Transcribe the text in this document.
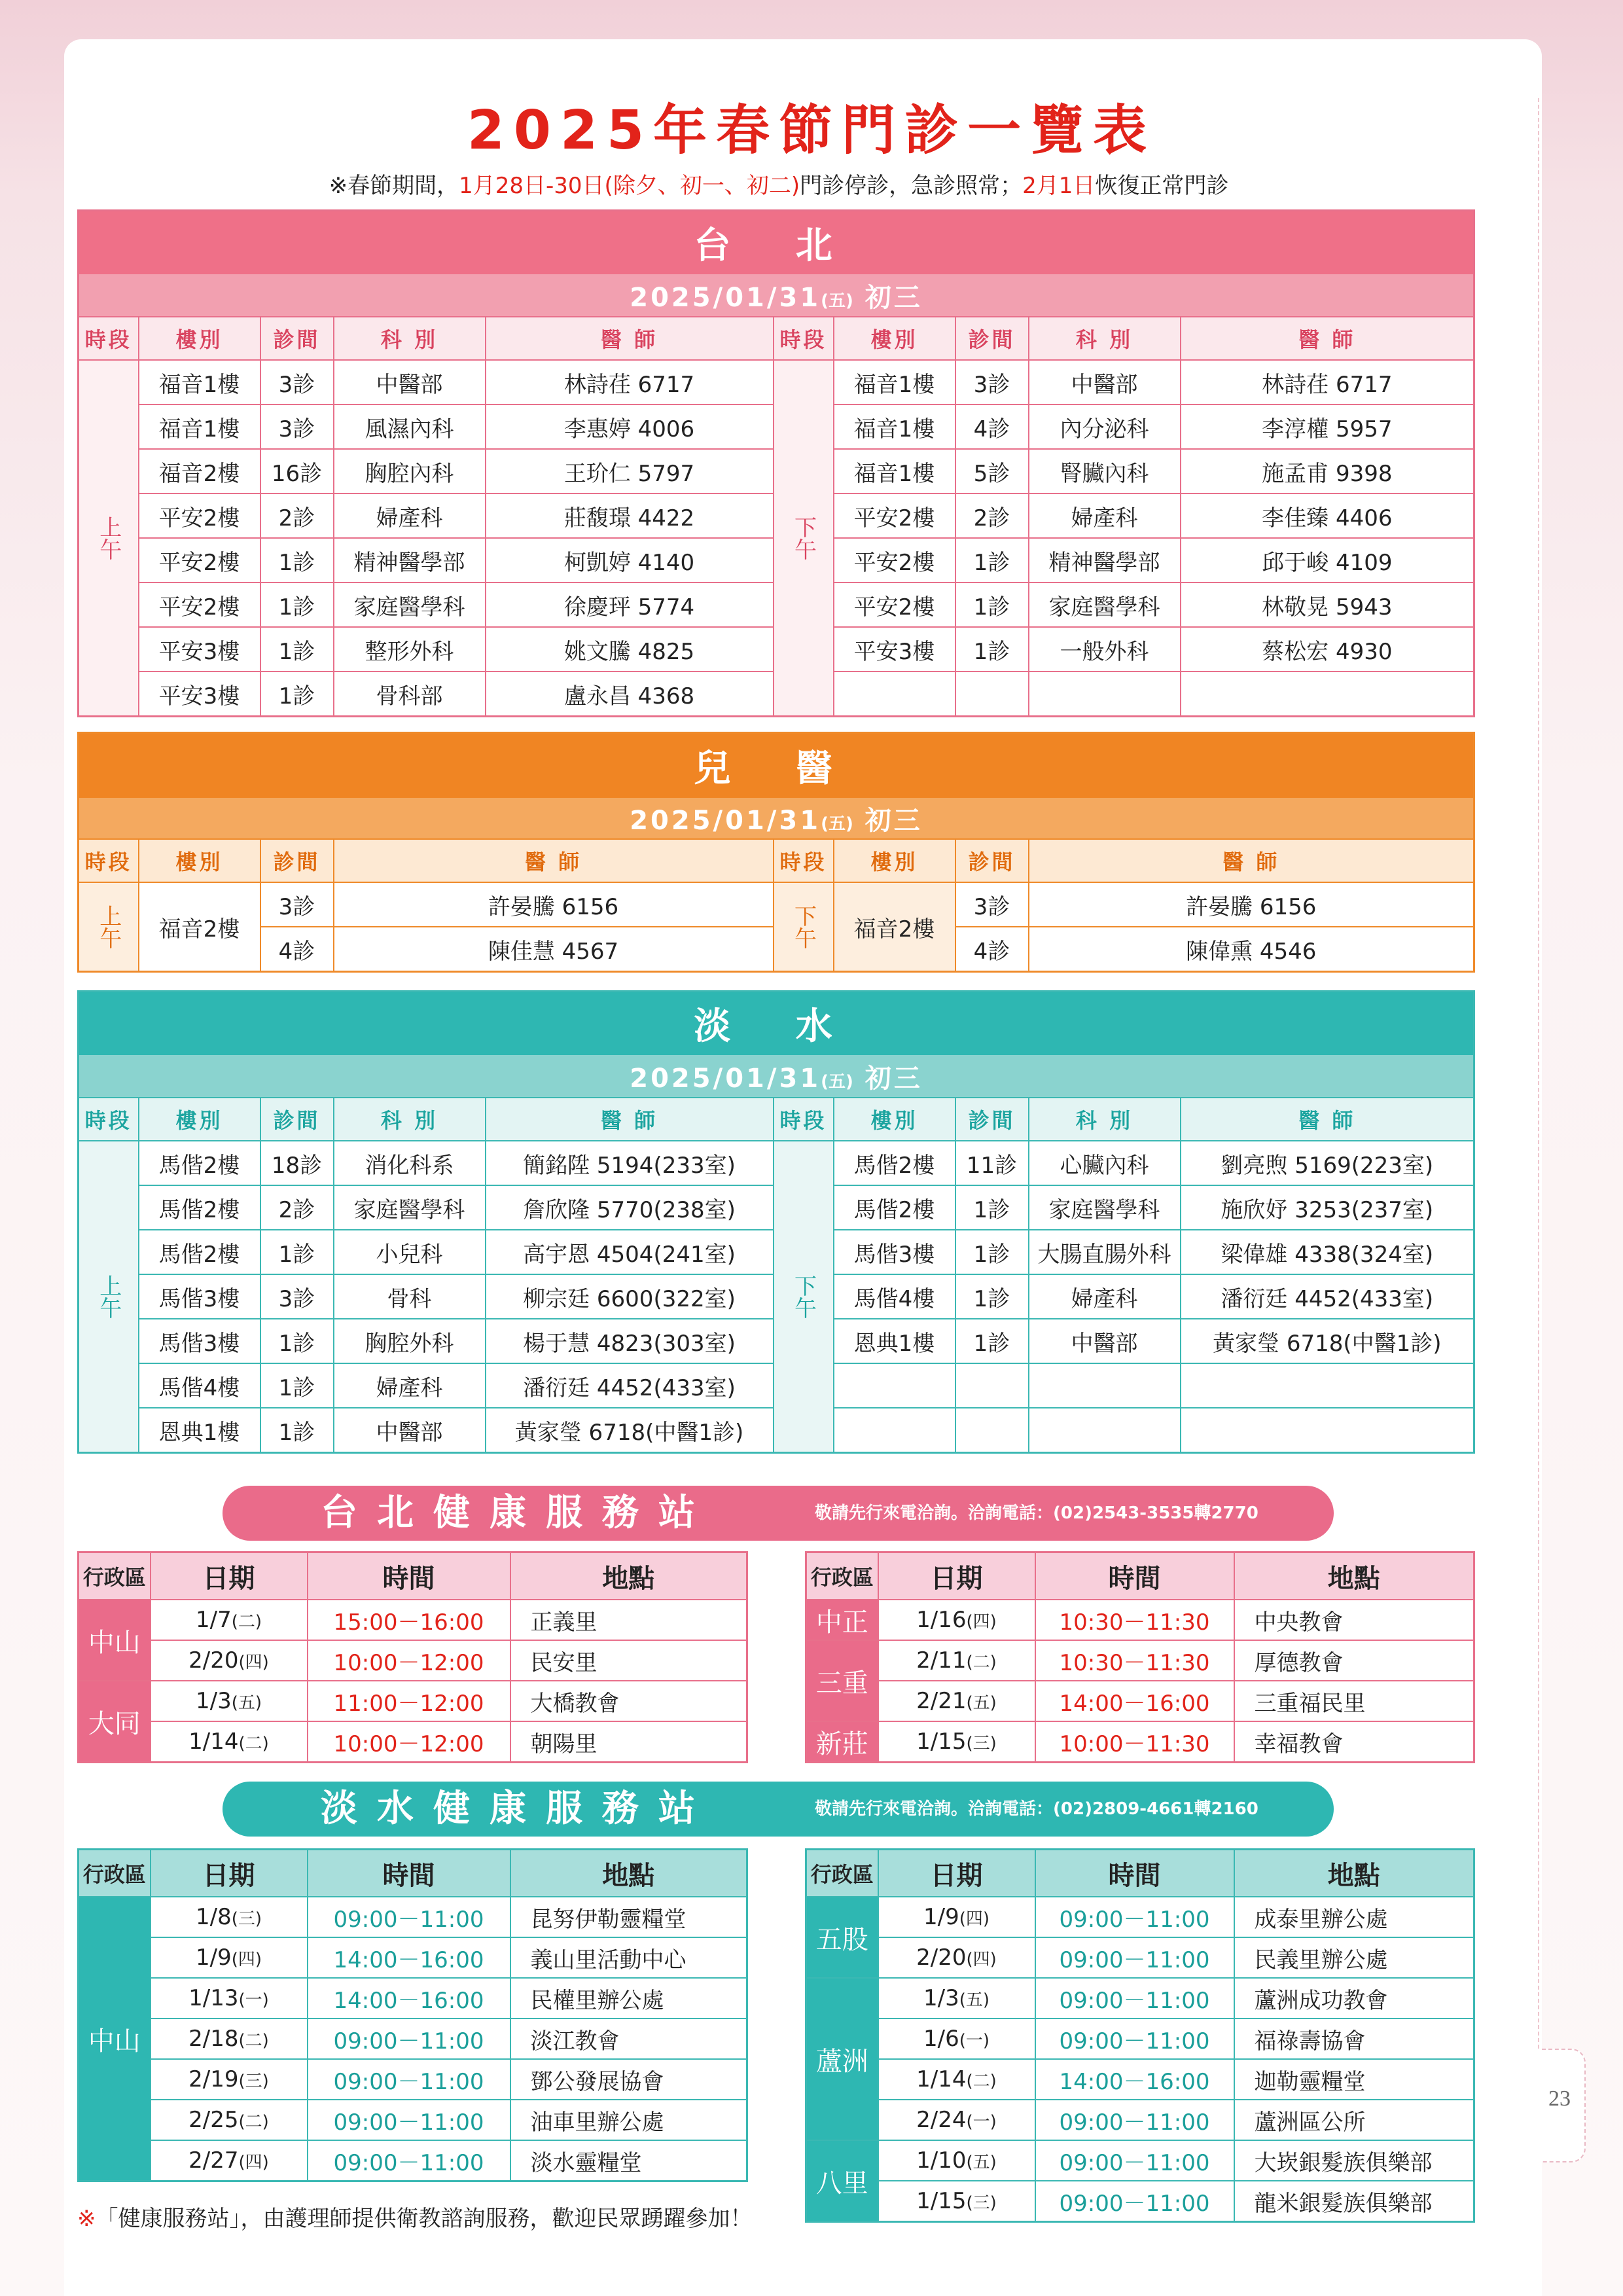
23
2025年春節門診一覽表
※春節期間，1月28日-30日(除夕、初一、初二)門診停診，急診照常；2月1日恢復正常門診
台 北									
2025/01/31(五) 初三									
時段	樓別	診間	科 別	醫 師	時段	樓別	診間	科 別	醫 師

上午	福音1樓	3診	中醫部	林詩荏 6717	下午	福音1樓	3診	中醫部	林詩荏 6717
	福音1樓	3診	風濕內科	李惠婷 4006		福音1樓	4診	內分泌科	李淳權 5957
	福音2樓	16診	胸腔內科	王玠仁 5797		福音1樓	5診	腎臟內科	施孟甫 9398
	平安2樓	2診	婦產科	莊馥璟 4422		平安2樓	2診	婦產科	李佳臻 4406
	平安2樓	1診	精神醫學部	柯凱婷 4140		平安2樓	1診	精神醫學部	邱于峻 4109
	平安2樓	1診	家庭醫學科	徐慶玶 5774		平安2樓	1診	家庭醫學科	林敬晃 5943
	平安3樓	1診	整形外科	姚文騰 4825		平安3樓	1診	一般外科	蔡松宏 4930
	平安3樓	1診	骨科部	盧永昌 4368					
兒 醫							
2025/01/31(五) 初三							
時段	樓別	診間	醫 師	時段	樓別	診間	醫 師

上午	福音2樓	3診	許晏騰 6156	下午	福音2樓	3診	許晏騰 6156
		4診	陳佳慧 4567			4診	陳偉熏 4546
淡 水									
2025/01/31(五) 初三									
時段	樓別	診間	科 別	醫 師	時段	樓別	診間	科 別	醫 師

上午	馬偕2樓	18診	消化科系	簡銘陞 5194(233室)	下午	馬偕2樓	11診	心臟內科	劉亮煦 5169(223室)
	馬偕2樓	2診	家庭醫學科	詹欣隆 5770(238室)		馬偕2樓	1診	家庭醫學科	施欣妤 3253(237室)
	馬偕2樓	1診	小兒科	高宇恩 4504(241室)		馬偕3樓	1診	大腸直腸外科	梁偉雄 4338(324室)
	馬偕3樓	3診	骨科	柳宗廷 6600(322室)		馬偕4樓	1診	婦產科	潘衍廷 4452(433室)
	馬偕3樓	1診	胸腔外科	楊于慧 4823(303室)		恩典1樓	1診	中醫部	黃家瑩 6718(中醫1診)
	馬偕4樓	1診	婦產科	潘衍廷 4452(433室)					
	恩典1樓	1診	中醫部	黃家瑩 6718(中醫1診)					
台北健康服務站	敬請先行來電洽詢。洽詢電話：(02)2543-3535轉2770
行政區	日期	時間	地點
中山	1/7(二)	15:00－16:00	正義里
	2/20(四)	10:00－12:00	民安里
大同	1/3(五)	11:00－12:00	大橋教會
	1/14(二)	10:00－12:00	朝陽里
行政區	日期	時間	地點
中正	1/16(四)	10:30－11:30	中央教會
三重	2/11(二)	10:30－11:30	厚德教會
	2/21(五)	14:00－16:00	三重福民里
新莊	1/15(三)	10:00－11:30	幸福教會
淡水健康服務站	敬請先行來電洽詢。洽詢電話：(02)2809-4661轉2160
行政區	日期	時間	地點
中山	1/8(三)	09:00－11:00	昆努伊勒靈糧堂
	1/9(四)	14:00－16:00	義山里活動中心
	1/13(一)	14:00－16:00	民權里辦公處
	2/18(二)	09:00－11:00	淡江教會
	2/19(三)	09:00－11:00	鄧公發展協會
	2/25(二)	09:00－11:00	油車里辦公處
	2/27(四)	09:00－11:00	淡水靈糧堂
行政區	日期	時間	地點
五股	1/9(四)	09:00－11:00	成泰里辦公處
	2/20(四)	09:00－11:00	民義里辦公處
蘆洲	1/3(五)	09:00－11:00	蘆洲成功教會
	1/6(一)	09:00－11:00	福祿壽協會
	1/14(二)	14:00－16:00	迦勒靈糧堂
	2/24(一)	09:00－11:00	蘆洲區公所
八里	1/10(五)	09:00－11:00	大崁銀髮族俱樂部
	1/15(三)	09:00－11:00	龍米銀髮族俱樂部
※「健康服務站」，由護理師提供衛教諮詢服務，歡迎民眾踴躍參加！
